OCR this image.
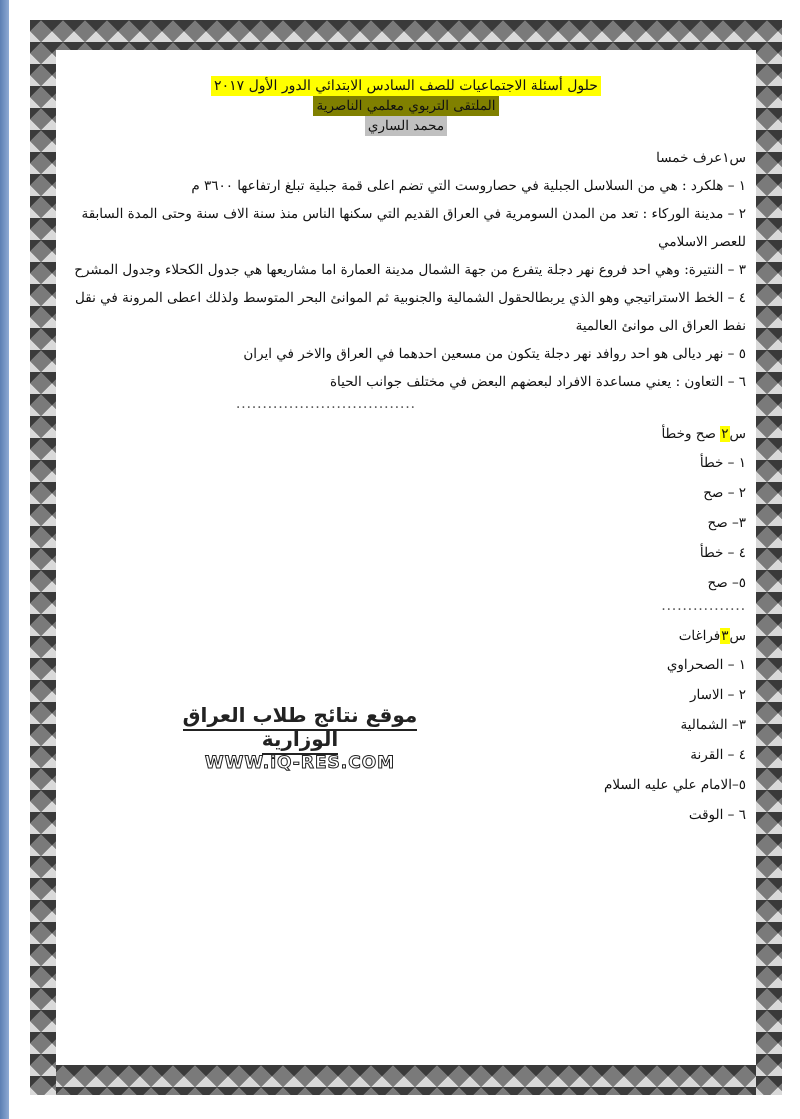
حلول أسئلة الاجتماعيات للصف السادس الابتدائي الدور الأول ٢٠١٧
الملتقى التربوي معلمي الناصرية
محمد الساري
س١عرف خمسا
١ – هلكرد : هي من السلاسل الجبلية في حصاروست التي تضم اعلى قمة جبلية تبلغ ارتفاعها ٣٦٠٠ م
٢ – مدينة الوركاء : تعد من المدن السومرية في العراق القديم التي سكنها الناس منذ سنة الاف سنة وحتى المدة السابقة للعصر الاسلامي
٣ – النتيرة: وهي احد فروع نهر دجلة يتفرع من جهة الشمال مدينة العمارة اما مشاريعها هي جدول الكحلاء وجدول المشرح
٤ – الخط الاستراتيجي وهو الذي يربطالحقول الشمالية والجنوبية ثم الموانئ البحر المتوسط ولذلك اعطى المرونة في نقل نفط العراق الى موانئ العالمية
٥ – نهر ديالى هو احد روافد نهر دجلة يتكون من مسعين احدهما في العراق والاخر في ايران
٦ – التعاون : يعني مساعدة الافراد لبعضهم البعض في مختلف جوانب الحياة
..................................
س٢ صح وخطأ
١ – خطأ
٢ – صح
٣– صح
٤ – خطأ
٥– صح
................
س٣فراغات
١ – الصحراوي
٢ – الاسار
٣– الشمالية
٤ – القرنة
٥–الامام علي عليه السلام
٦ – الوقت
موقع نتائج طلاب العراق الوزارية
WWW.iQ-RES.COM
